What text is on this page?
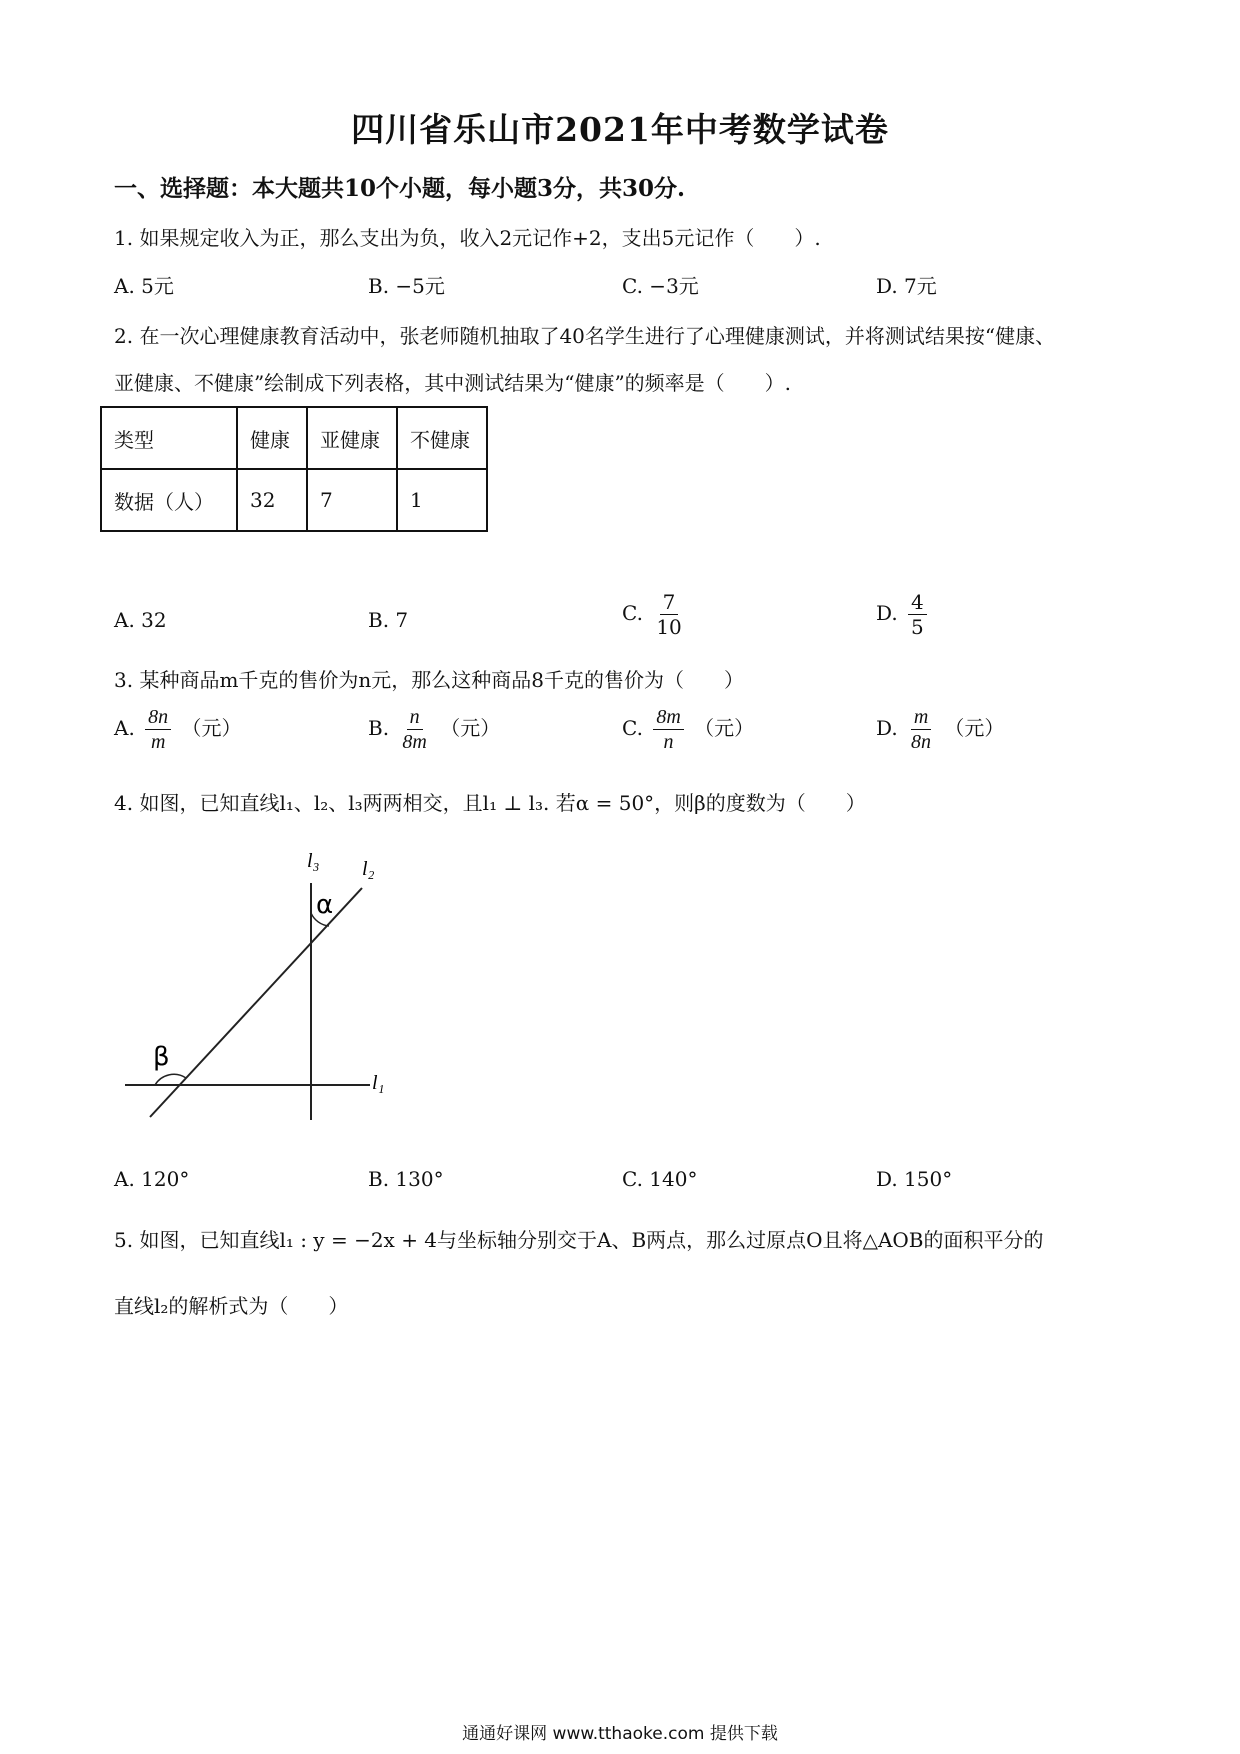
四川省乐山市2021年中考数学试卷
一、选择题：本大题共10个小题，每小题3分，共30分.
1. 如果规定收入为正，那么支出为负，收入2元记作+2，支出5元记作（　　）.
A. 5元	B. −5元	C. −3元	D. 7元
2. 在一次心理健康教育活动中，张老师随机抽取了40名学生进行了心理健康测试，并将测试结果按“健康、
亚健康、不健康”绘制成下列表格，其中测试结果为“健康”的频率是（　　）.
类型	健康	亚健康	不健康
数据（人）	32	7	1
A. 32	B. 7	C. $\frac{7}{10}$	D. $\frac{4}{5}$
3. 某种商品m千克的售价为n元，那么这种商品8千克的售价为（　　）
A. $\frac{8n}{m}$ （元）	B. $\frac{n}{8m}$ （元）	C. $\frac{8m}{n}$ （元）	D. $\frac{m}{8n}$ （元）
4. 如图，已知直线l₁、l₂、l₃两两相交，且l₁ ⊥ l₃. 若α = 50°，则β的度数为（　　）
l₃ l₂
l₁
α
β
A. 120°	B. 130°	C. 140°	D. 150°
5. 如图，已知直线l₁ : y = −2x + 4与坐标轴分别交于A、B两点，那么过原点O且将△AOB的面积平分的
直线l₂的解析式为（　　）
通通好课网 www.tthaoke.com 提供下载
